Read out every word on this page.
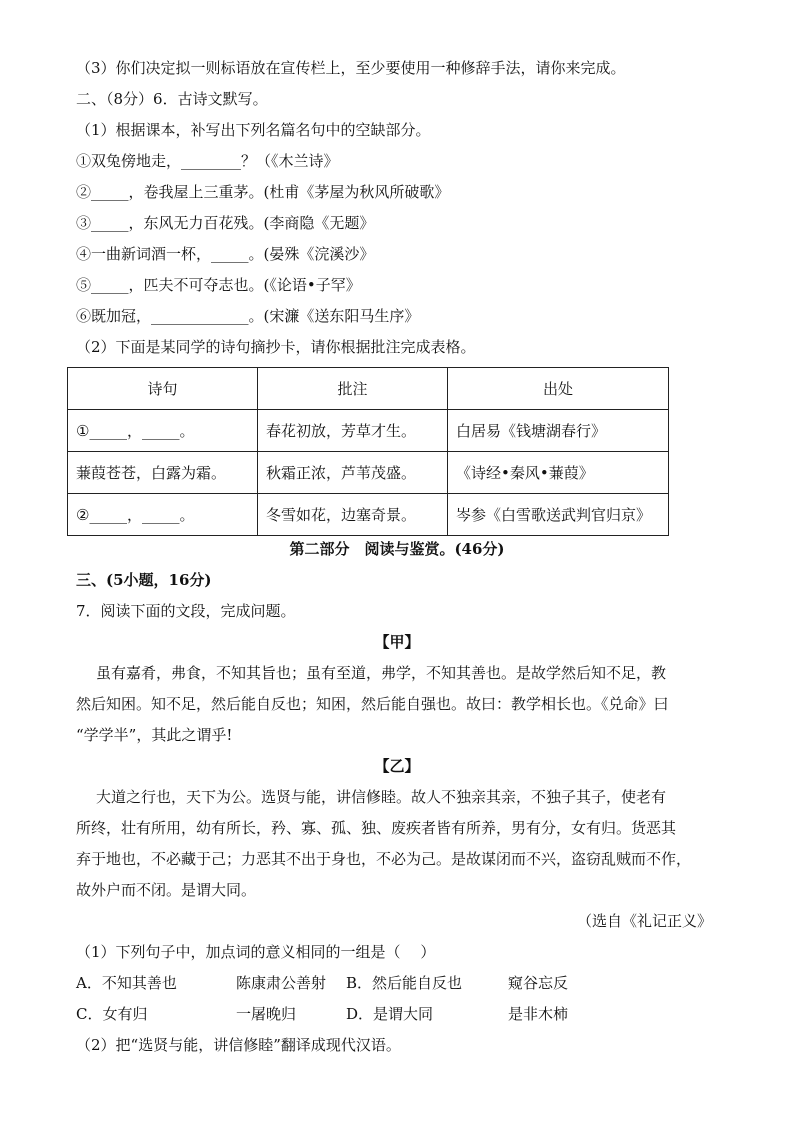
（3）你们决定拟一则标语放在宣传栏上，至少要使用一种修辞手法，请你来完成。
二、（8分）6．古诗文默写。
（1）根据课本，补写出下列名篇名句中的空缺部分。
①双兔傍地走，________？（《木兰诗》
②_____，卷我屋上三重茅。(杜甫《茅屋为秋风所破歌》
③_____，东风无力百花残。(李商隐《无题》
④一曲新词酒一杯，_____。(晏殊《浣溪沙》
⑤_____，匹夫不可夺志也。(《论语•子罕》
⑥既加冠，_____________。(宋濂《送东阳马生序》
（2）下面是某同学的诗句摘抄卡，请你根据批注完成表格。
诗句	批注	出处
①_____，_____。	春花初放，芳草才生。	白居易《钱塘湖春行》
蒹葭苍苍，白露为霜。	秋霜正浓，芦苇茂盛。	《诗经•秦风•蒹葭》
②_____，_____。	冬雪如花，边塞奇景。	岑参《白雪歌送武判官归京》
第二部分　阅读与鉴赏。(46分)
三、(5小题，16分)
7．阅读下面的文段，完成问题。
【甲】
虽有嘉肴，弗食，不知其旨也；虽有至道，弗学，不知其善也。是故学然后知不足，教
然后知困。知不足，然后能自反也；知困，然后能自强也。故曰：教学相长也。《兑命》曰
“学学半”，其此之谓乎!
【乙】
大道之行也，天下为公。选贤与能，讲信修睦。故人不独亲其亲，不独子其子，使老有
所终，壮有所用，幼有所长，矜、寡、孤、独、废疾者皆有所养，男有分，女有归。货恶其
弃于地也，不必藏于己；力恶其不出于身也，不必为己。是故谋闭而不兴，盗窃乱贼而不作，
故外户而不闭。是谓大同。
（选自《礼记正义》
（1）下列句子中，加点词的意义相同的一组是（　 ）
A．不知其善也	陈康肃公善射 B．然后能自反也	窥谷忘反
C．女有归	一屠晚归	D．是谓大同	是非木柿
（2）把“选贤与能，讲信修睦”翻译成现代汉语。
